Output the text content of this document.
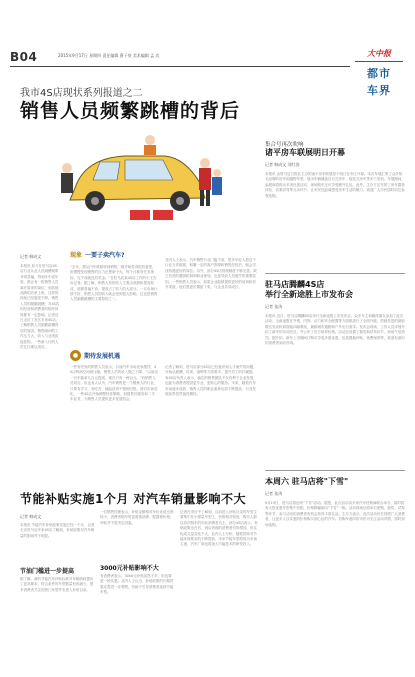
B04	2015年9月17日 星期四 责任编辑 曹子豪 美术编辑 孟 宾	大中报
都市
车界
我市4S店现状系列报道之二
销售人员频繁跳槽的背后
记者 韩成文
本报讯 如今在驻马店4S店行业从业人员跳槽现象非常普遍，每到年中或年底，都会有一批销售人员离开原来的岗位，到其他品牌的店里上班，这样的现象已经屡见不鲜。销售人员的频繁跳槽，对4S店的经营和消费者的购车体验都有一定影响。记者近日走访了市区多家4S店，了解销售人员频繁跳槽背后的原因。销售顾问的工作压力大，收入与业绩直接挂钩，一些新入行的人员往往难以适应。
现象 一要子卖汽车?
“去年，我从汽车维修转到销售，刚开始觉得很有意思，但慢慢发现销售的压力比想象中大。每个月都有任务指标，完不成就没有奖金。”在驻马店某4S店工作的小王告诉记者。据了解，销售人员的收入主要由底薪和提成构成，底薪普遍不高，提成占了收入的大部分。一旦市场行情不好，销售人员的收入就会受到很大影响，这也是销售人员频繁跳槽的主要原因之一。
业内人士表示，汽车销售行业门槛不高，很多年轻人把这个行业当作跳板，积累一定的客户资源和销售经验后，就会寻找待遇更好的岗位。另外，部分4S店管理制度不够完善，缺乏有效的激励机制和职业规划，也是导致人员流失的重要原因。一些销售人员表示，如果企业能够提供更好的培训和晋升渠道，他们愿意长期留下来，与企业共同成长。
● 期待发展机遇
一些有经验的销售人员表示，目前汽车市场竞争激烈，4S店利润空间被压缩，销售人员的收入随之下降。“以前卖一台车能拿几百元提成，现在只有一两百元。”有销售人员坦言。但也有人认为，汽车销售是一个锻炼人的行业，只要肯学习、肯吃苦，就能获得不错的回报。面对市场变化，一些4S店开始调整经营策略，加强售后服务和二手车业务，为销售人员提供更多发展机会。
记者了解到，驻马店部分4S店已经意识到人才流失的问题，开始从薪酬、培训、福利等方面着手，提升员工的归属感。有4S店负责人表示，稳定的销售团队不仅有利于企业发展，也能为消费者提供更专业、更贴心的服务。未来，随着汽车市场逐步成熟，销售人员的职业素养也将不断提高，行业发展前景依然值得期待。
集合号再次吹响
诸平房车联展明日开幕
记者 韩成文 刘红涛
本报讯 由驻马店日报社主办的诸平房车联展将于明日在市区开幕。本次车展汇集了众多知名品牌的房车和越野车型，展出车辆涵盖自行式房车、拖挂式房车等多个类别。车展期间，参展商将推出多项优惠活动，现场购车还可享受额外礼包。此外，主办方还安排了房车露营体验、试乘试驾等互动环节，让市民近距离感受房车生活的魅力。欢迎广大市民届时前往参观选购。
驻马店腾麟4S店
举行全新途胜上市发布会
记者 张涛
本报讯 近日，驻马店腾麟4S店举行全新途胜上市发布会，众多车主和媒体朋友参加了此次活动。全新途胜在外观、内饰、动力和安全配置等方面都进行了全面升级，搭载先进的涡轮增压发动机和智能四驱系统，兼顾城市通勤和户外出行需求。发布会现场，工作人员详细介绍了新车的各项亮点，并公布了官方指导价格。活动还设置了抽奖和试驾环节，现场气氛热烈。据介绍，新车上市期间订购可享受多重优惠，包括置换补贴、免费保养等，欢迎有意向的消费者到店咨询。
本周六 驻马店将"下雪"
记者 张涛
9月19日，驻马店将迎来“下雪”活动。据悉，此次活动由多家汽车经销商联合举办，届时将有大批优惠车型集中亮相，价格降幅如同“下雪”一般。活动现场还将举行团购、抽奖、试驾等环节，参与活动的消费者有机会获得丰厚礼品。主办方表示，此次活动旨在回馈广大消费者，让更多人以实惠的价格购买到心仪的汽车。有购车意向的市民可关注活动详情，届时到场选购。
节能补贴实施1个月 对汽车销量影响不大
记者 韩成文
本报讯 节能汽车补贴政策实施已经一个月，记者走访驻马店多家4S店了解到，补贴政策对汽车销量的影响并不明显。
节油门槛进一步提高
据了解，新的节能汽车补贴标准对车辆油耗提出了更高要求，符合条件的车型数量有所减少，很多消费者关注的热门车型并未进入补贴目录。
一位销售经理表示，补贴金额相对车价来说比例较小，消费者购车时更看重品牌、配置和价格，补贴并不是决定因素。
3000元补贴影响不大
有消费者表示，3000元补贴虽然不多，但也算是一种实惠。业内人士认为，补贴政策的长期效果还需进一步观察，有助于引导消费者选择节能车型。
记者在采访中了解到，目前进入补贴目录的车型主要集中在小排量车型上，价格相对较低，购买人群以首次购车的年轻消费者为主。部分4S店表示，补贴政策出台后，到店咨询的消费者有所增加，但实际成交量变化不大。业内人士分析，随着国家对节能环保要求的不断提高，未来节能车型将成为市场主流，汽车厂商也将加大节能技术的研发投入。
